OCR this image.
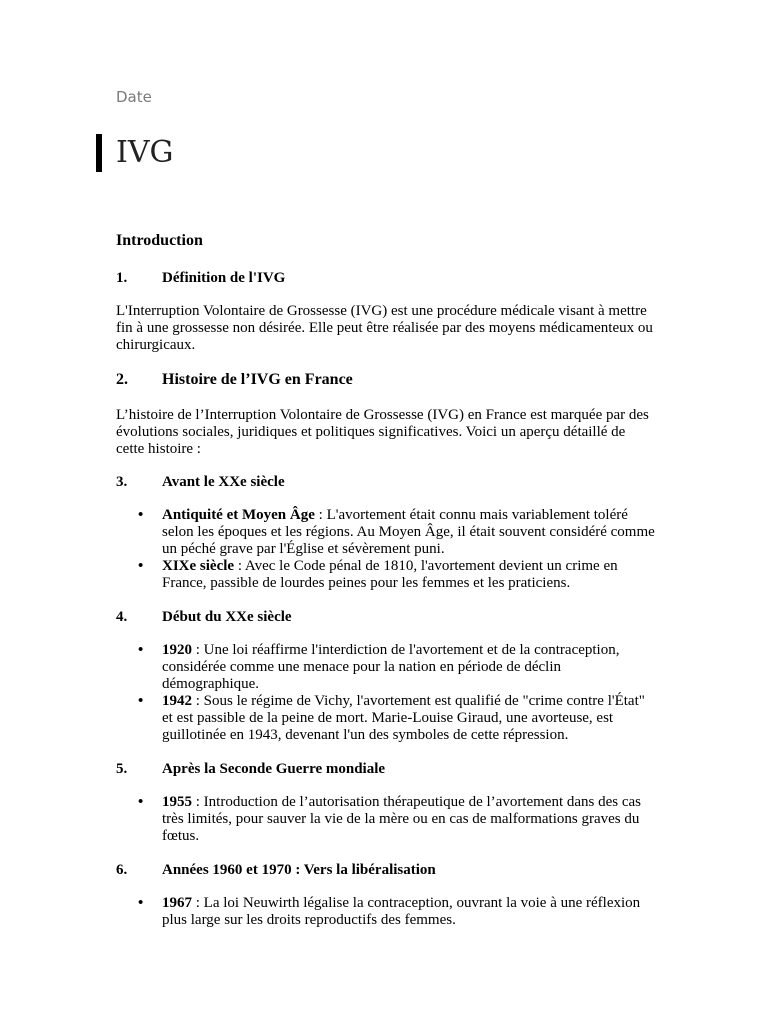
Date
IVG
Introduction
1.	Définition de l'IVG

L'Interruption Volontaire de Grossesse (IVG) est une procédure médicale visant à mettre fin à une grossesse non désirée. Elle peut être réalisée par des moyens médicamenteux ou chirurgicaux.

2.	Histoire de l’IVG en France

L’histoire de l’Interruption Volontaire de Grossesse (IVG) en France est marquée par des évolutions sociales, juridiques et politiques significatives. Voici un aperçu détaillé de cette histoire :

3.	Avant le XXe siècle
• Antiquité et Moyen Âge : L'avortement était connu mais variablement toléré selon les époques et les régions. Au Moyen Âge, il était souvent considéré comme un péché grave par l'Église et sévèrement puni.
• XIXe siècle : Avec le Code pénal de 1810, l'avortement devient un crime en France, passible de lourdes peines pour les femmes et les praticiens.
4.	Début du XXe siècle
• 1920 : Une loi réaffirme l'interdiction de l'avortement et de la contraception, considérée comme une menace pour la nation en période de déclin démographique.
• 1942 : Sous le régime de Vichy, l'avortement est qualifié de "crime contre l'État" et est passible de la peine de mort. Marie-Louise Giraud, une avorteuse, est guillotinée en 1943, devenant l'un des symboles de cette répression.
5.	Après la Seconde Guerre mondiale
• 1955 : Introduction de l’autorisation thérapeutique de l’avortement dans des cas très limités, pour sauver la vie de la mère ou en cas de malformations graves du fœtus.
6.	Années 1960 et 1970 : Vers la libéralisation
• 1967 : La loi Neuwirth légalise la contraception, ouvrant la voie à une réflexion plus large sur les droits reproductifs des femmes.
